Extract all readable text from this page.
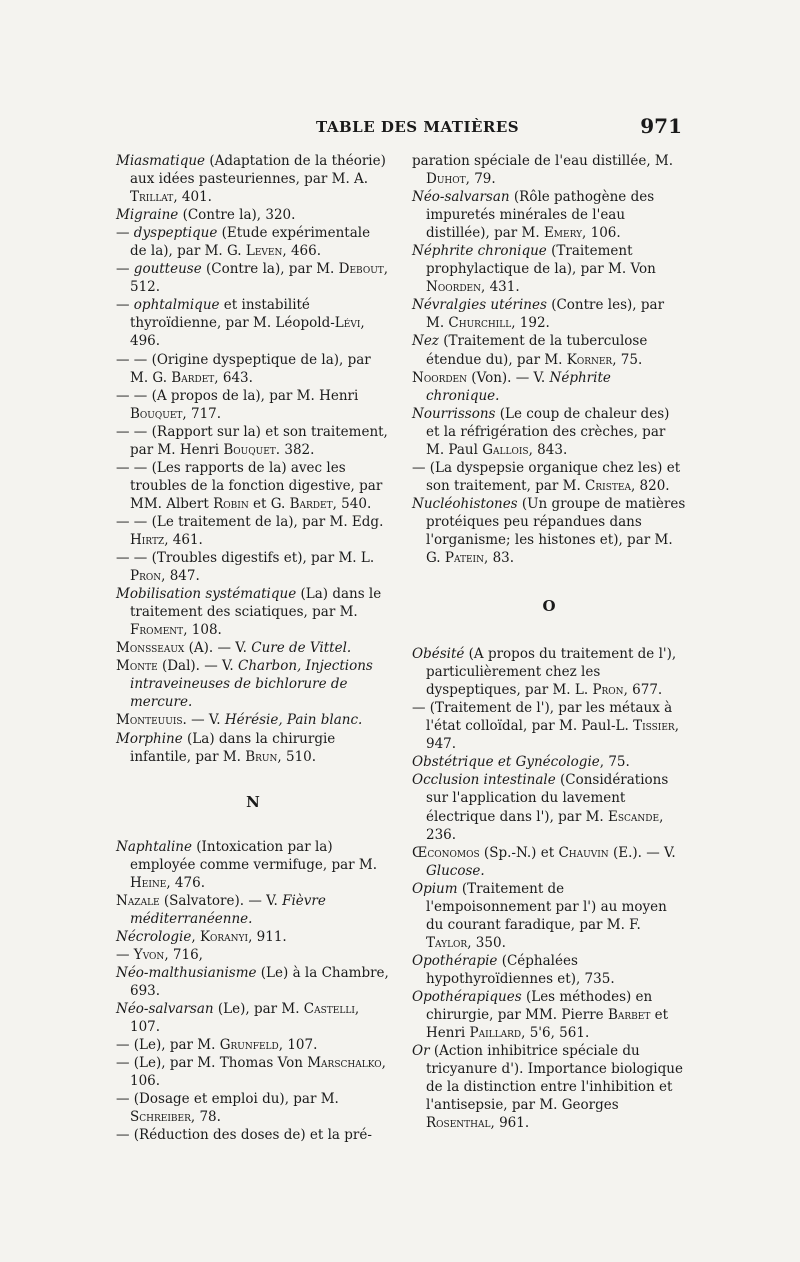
TABLE DES MATIÈRES	971

Miasmatique (Adaptation de la théorie) aux idées pasteuriennes, par M. A. Trillat, 401.

Migraine (Contre la), 320.

— dyspeptique (Etude expérimentale de la), par M. G. Leven, 466.

— goutteuse (Contre la), par M. Debout, 512.

— ophtalmique et instabilité thyroïdienne, par M. Léopold-Lévi, 496.

— — (Origine dyspeptique de la), par M. G. Bardet, 643.

— — (A propos de la), par M. Henri Bouquet, 717.

— — (Rapport sur la) et son traitement, par M. Henri Bouquet. 382.

— — (Les rapports de la) avec les troubles de la fonction digestive, par MM. Albert Robin et G. Bardet, 540.

— — (Le traitement de la), par M. Edg. Hirtz, 461.

— — (Troubles digestifs et), par M. L. Pron, 847.

Mobilisation systématique (La) dans le traitement des sciatiques, par M. Froment, 108.

Monsseaux (A). — V. Cure de Vittel.

Monte (Dal). — V. Charbon, Injections intraveineuses de bichlorure de mercure.

Monteuuis. — V. Hérésie, Pain blanc.

Morphine (La) dans la chirurgie infantile, par M. Brun, 510.

N

Naphtaline (Intoxication par la) employée comme vermifuge, par M. Heine, 476.

Nazale (Salvatore). — V. Fièvre méditerranéenne.

Nécrologie, Koranyi, 911.

— Yvon, 716,

Néo-malthusianisme (Le) à la Chambre, 693.

Néo-salvarsan (Le), par M. Castelli, 107.

— (Le), par M. Grunfeld, 107.

— (Le), par M. Thomas Von Marschalko, 106.

— (Dosage et emploi du), par M. Schreiber, 78.

— (Réduction des doses de) et la pré-

paration spéciale de l'eau distillée, M. Duhot, 79.

Néo-salvarsan (Rôle pathogène des impuretés minérales de l'eau distillée), par M. Emery, 106.

Néphrite chronique (Traitement prophylactique de la), par M. Von Noorden, 431.

Névralgies utérines (Contre les), par M. Churchill, 192.

Nez (Traitement de la tuberculose étendue du), par M. Korner, 75.

Noorden (Von). — V. Néphrite chronique.

Nourrissons (Le coup de chaleur des) et la réfrigération des crèches, par M. Paul Gallois, 843.

— (La dyspepsie organique chez les) et son traitement, par M. Cristea, 820.

Nucléohistones (Un groupe de matières protéiques peu répandues dans l'organisme; les histones et), par M. G. Patein, 83.

O

Obésité (A propos du traitement de l'), particulièrement chez les dyspeptiques, par M. L. Pron, 677.

— (Traitement de l'), par les métaux à l'état colloïdal, par M. Paul-L. Tissier, 947.

Obstétrique et Gynécologie, 75.

Occlusion intestinale (Considérations sur l'application du lavement électrique dans l'), par M. Escande, 236.

Œconomos (Sp.-N.) et Chauvin (E.). — V. Glucose.

Opium (Traitement de l'empoisonnement par l') au moyen du courant faradique, par M. F. Taylor, 350.

Opothérapie (Céphalées hypothyroïdiennes et), 735.

Opothérapiques (Les méthodes) en chirurgie, par MM. Pierre Barbet et Henri Paillard, 5'6, 561.

Or (Action inhibitrice spéciale du tricyanure d'). Importance biologique de la distinction entre l'inhibition et l'antisepsie, par M. Georges Rosenthal, 961.
